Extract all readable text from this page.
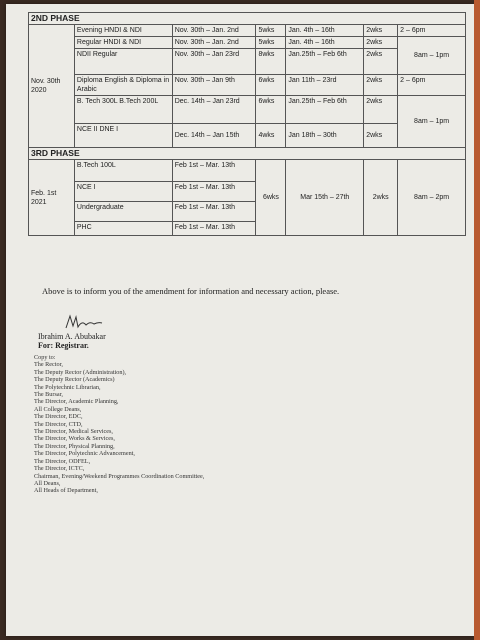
2ND PHASE						
Nov. 30th 2020	Evening HNDI & NDI	Nov. 30th – Jan. 2nd	5wks	Jan. 4th – 16th	2wks	2 – 6pm
	Regular HNDI & NDI	Nov. 30th – Jan. 2nd	5wks	Jan. 4th – 16th	2wks	8am – 1pm
	NDII Regular	Nov. 30th – Jan 23rd	8wks	Jan.25th – Feb 6th	2wks	
	Diploma English & Diploma in Arabic	Nov. 30th – Jan 9th	6wks	Jan 11th – 23rd	2wks	2 – 6pm
	B. Tech 300L B.Tech 200L	Dec. 14th – Jan 23rd	6wks	Jan.25th – Feb 6th	2wks	8am – 1pm
	NCE II DNE I	Dec. 14th – Jan 15th	4wks	Jan 18th – 30th	2wks	
3RD PHASE						
Feb. 1st 2021	B.Tech 100L	Feb 1st – Mar. 13th	6wks	Mar 15th – 27th	2wks	8am – 2pm
	NCE I	Feb 1st – Mar. 13th				
	Undergraduate	Feb 1st – Mar. 13th				
	PHC	Feb 1st – Mar. 13th				
Above is to inform you of the amendment for information and necessary action, please.
Ibrahim A. Abubakar
For: Registrar.
Copy to:
The Rector,
The Deputy Rector (Administration),
The Deputy Rector (Academics)
The Polytechnic Librarian,
The Bursar,
The Director, Academic Planning,
All College Deans,
The Director, EDC,
The Director, CTD,
The Director, Medical Services,
The Director, Works & Services,
The Director, Physical Planning,
The Director, Polytechnic Advancement,
The Director, ODFEL,
The Director, ICTC,
Chairman, Evening/Weekend Programmes Coordination Committee,
All Deans,
All Heads of Department,
